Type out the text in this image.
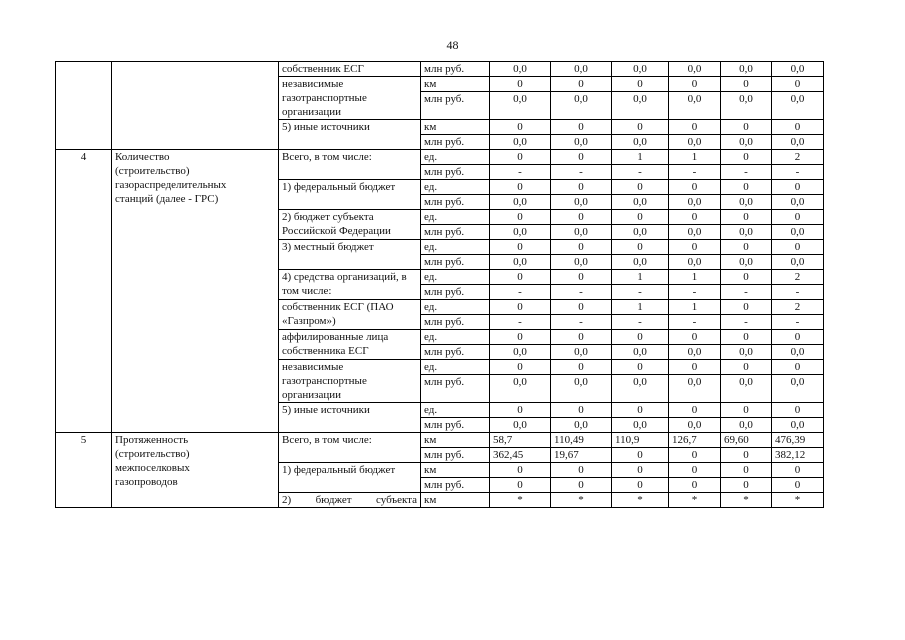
48
		собственник ЕСГ	млн руб.	0,0	0,0	0,0	0,0	0,0	0,0

		независимые
газотранспортные
организации	км	0	0	0	0	0	0
			млн руб.	0,0	0,0	0,0	0,0	0,0	0,0

		5) иные источники	км	0	0	0	0	0	0
			млн руб.	0,0	0,0	0,0	0,0	0,0	0,0
4	Количество
(строительство)
газораспределительных
станций (далее - ГРС)	Всего, в том числе:	ед.	0	0	1	1	0	2
			млн руб.	-	-	-	-	-	-
		1) федеральный бюджет	ед.	0	0	0	0	0	0
			млн руб.	0,0	0,0	0,0	0,0	0,0	0,0
		2) бюджет субъекта Российской Федерации	ед.	0	0	0	0	0	0
			млн руб.	0,0	0,0	0,0	0,0	0,0	0,0
		3) местный бюджет	ед.	0	0	0	0	0	0
			млн руб.	0,0	0,0	0,0	0,0	0,0	0,0
		4) средства организаций, в том числе:	ед.	0	0	1	1	0	2
			млн руб.	-	-	-	-	-	-

		собственник ЕСГ (ПАО «Газпром»)	ед.	0	0	1	1	0	2
			млн руб.	-	-	-	-	-	-
		аффилированные лица собственника ЕСГ	ед.	0	0	0	0	0	0
			млн руб.	0,0	0,0	0,0	0,0	0,0	0,0
		независимые газотранспортные организации	ед.	0	0	0	0	0	0
			млн руб.	0,0	0,0	0,0	0,0	0,0	0,0

		5) иные источники	ед.	0	0	0	0	0	0
			млн руб.	0,0	0,0	0,0	0,0	0,0	0,0
5	Протяженность
(строительство)
межпоселковых
газопроводов	Всего, в том числе:	км	58,7	110,49	110,9	126,7	69,60	476,39
			млн руб.	362,45	19,67	0	0	0	382,12
		1) федеральный бюджет	км	0	0	0	0	0	0
			млн руб.	0	0	0	0	0	0
		2) бюджет субъекта	км	*	*	*	*	*	*
